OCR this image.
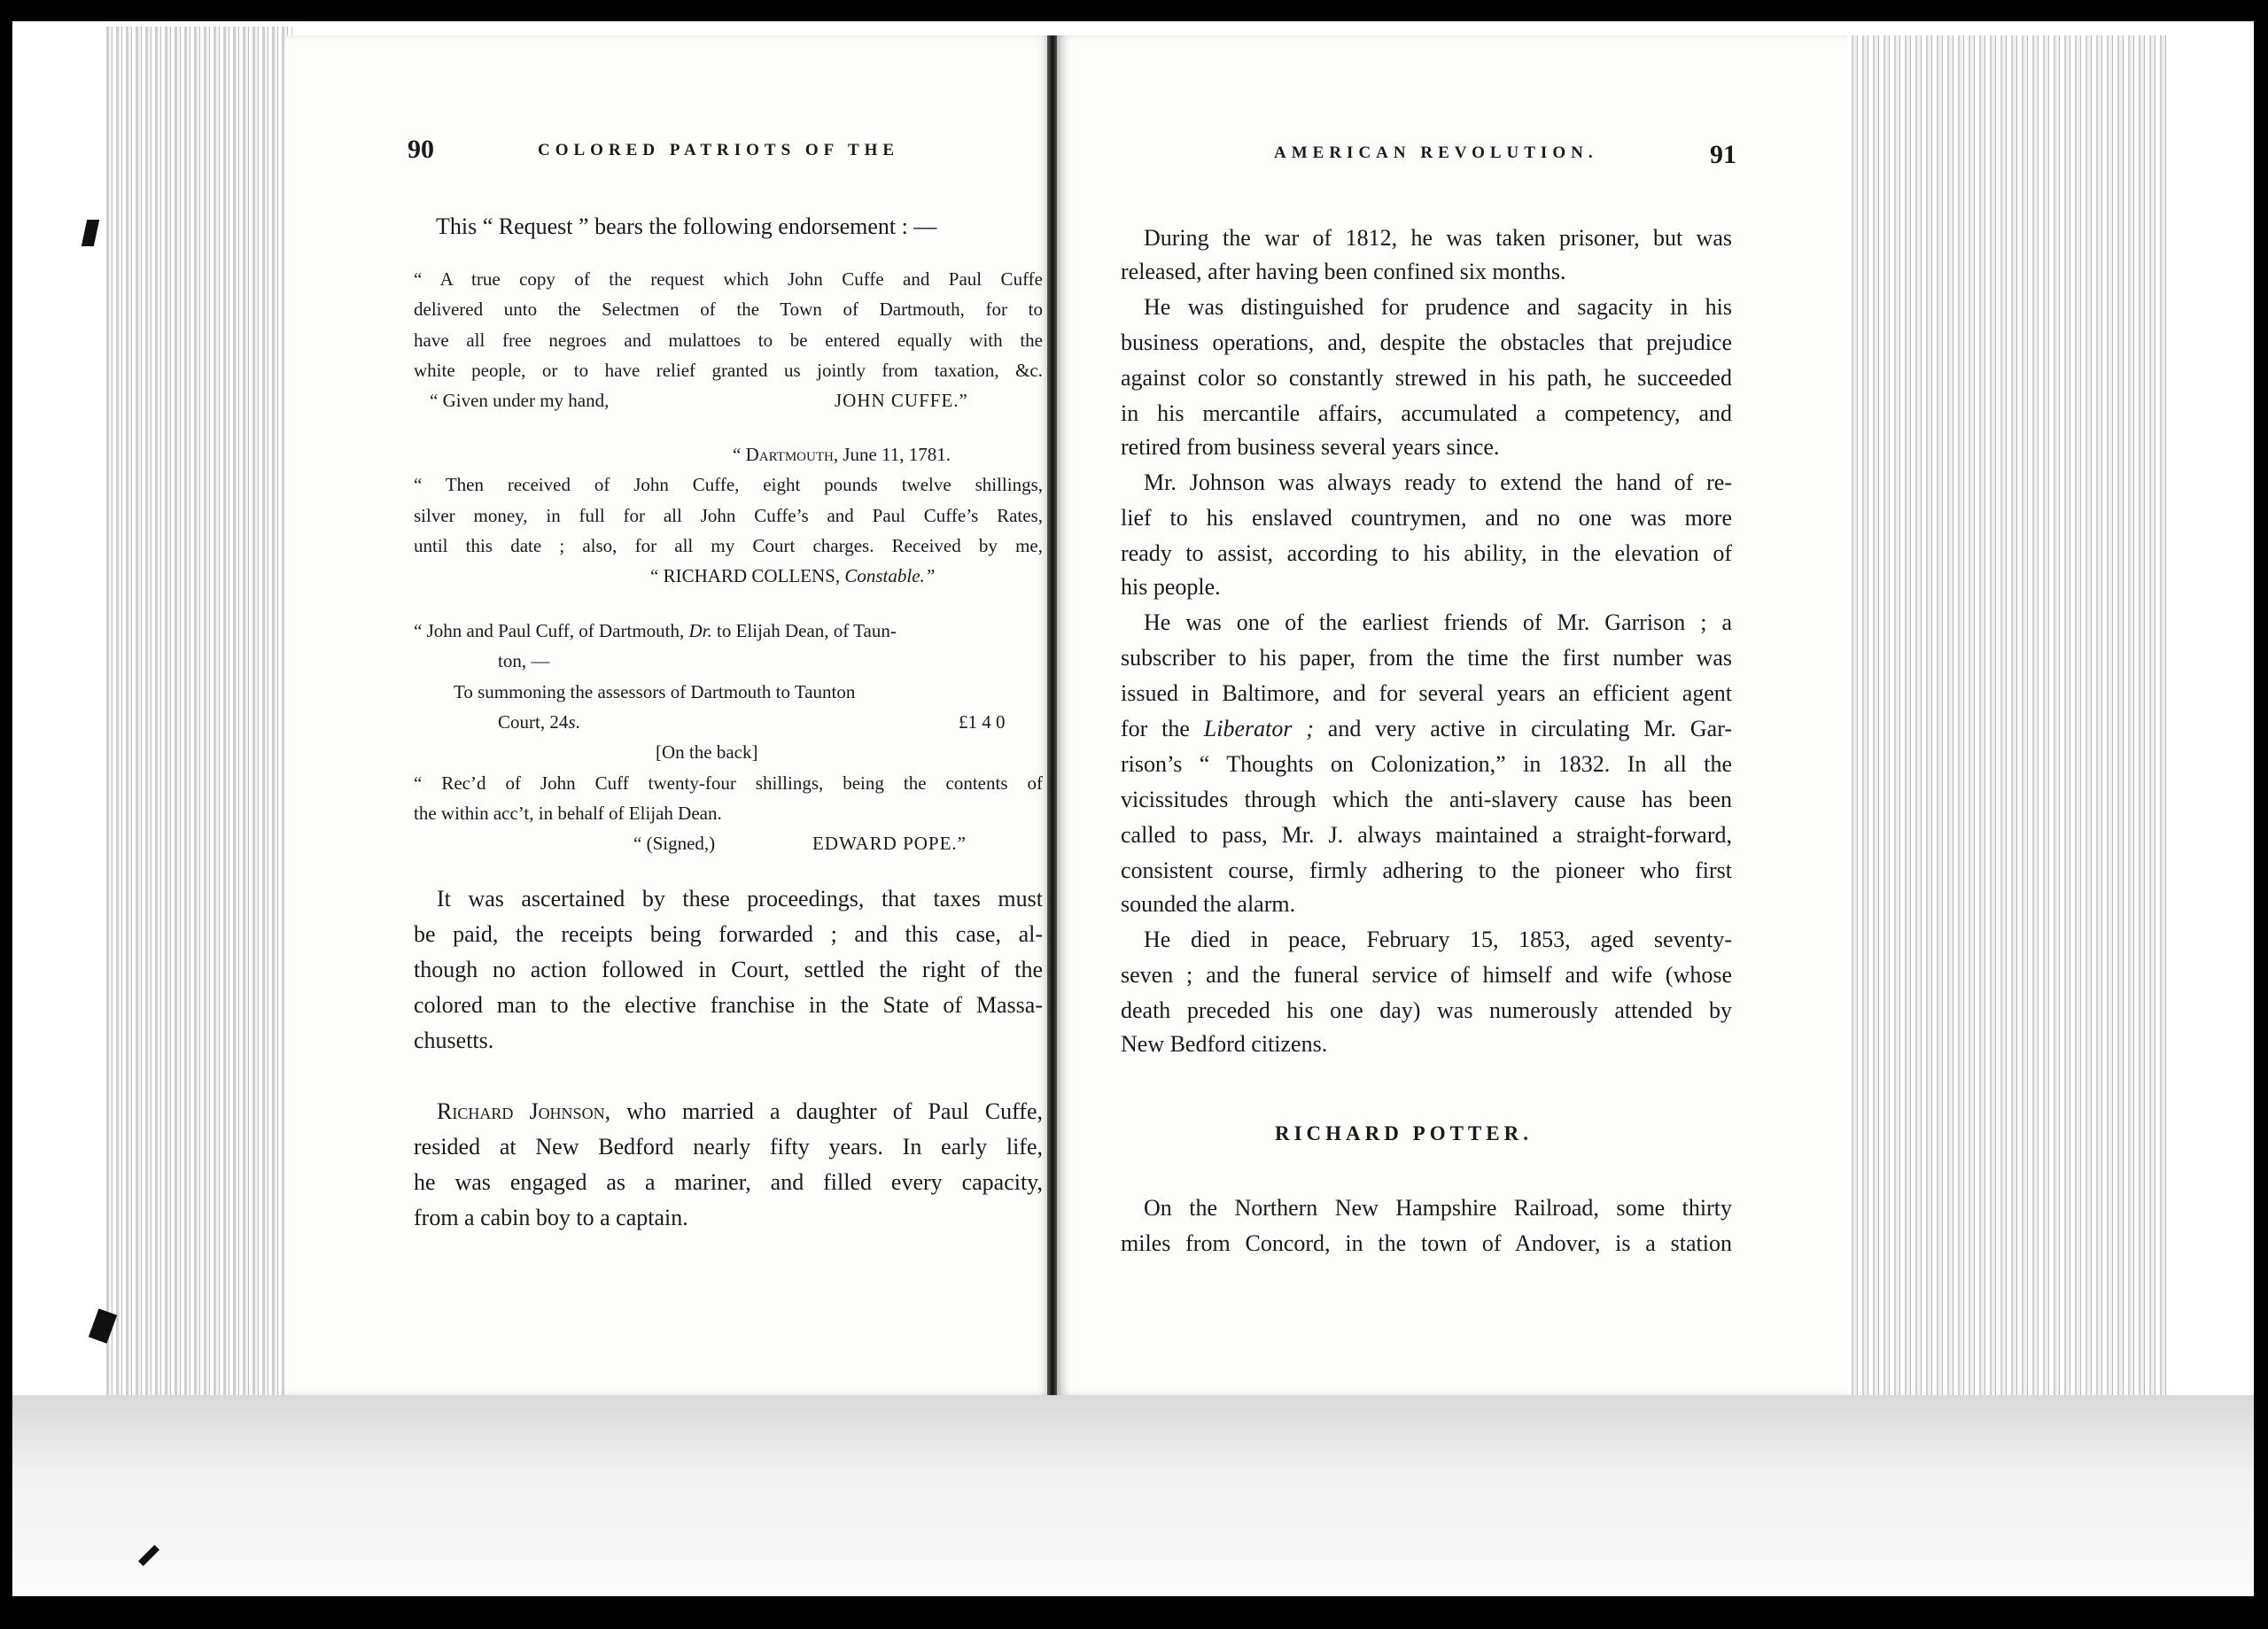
90	COLORED PATRIOTS OF THE
This “ Request ” bears the following endorsement : —
“ A true copy of the request which John Cuffe and Paul Cuffe
delivered unto the Selectmen of the Town of Dartmouth, for to
have all free negroes and mulattoes to be entered equally with the
white people, or to have relief granted us jointly from taxation, &c.
“ Given under my hand,	JOHN CUFFE.”
“ Dartmouth, June 11, 1781.
“ Then received of John Cuffe, eight pounds twelve shillings,
silver money, in full for all John Cuffe’s and Paul Cuffe’s Rates,
until this date ; also, for all my Court charges. Received by me,
“ RICHARD COLLENS, Constable.”
“ John and Paul Cuff, of Dartmouth, Dr. to Elijah Dean, of Taun-
ton, —
To summoning the assessors of Dartmouth to Taunton
Court, 24s.	£1 4 0
[On the back]
“ Rec’d of John Cuff twenty-four shillings, being the contents of
the within acc’t, in behalf of Elijah Dean.
“ (Signed,)	EDWARD POPE.”
It was ascertained by these proceedings, that taxes must
be paid, the receipts being forwarded ; and this case, al-
though no action followed in Court, settled the right of the
colored man to the elective franchise in the State of Massa-
chusetts.
Richard Johnson, who married a daughter of Paul Cuffe,
resided at New Bedford nearly fifty years. In early life,
he was engaged as a mariner, and filled every capacity,
from a cabin boy to a captain.
AMERICAN REVOLUTION.	91
During the war of 1812, he was taken prisoner, but was
released, after having been confined six months.
He was distinguished for prudence and sagacity in his
business operations, and, despite the obstacles that prejudice
against color so constantly strewed in his path, he succeeded
in his mercantile affairs, accumulated a competency, and
retired from business several years since.
Mr. Johnson was always ready to extend the hand of re-
lief to his enslaved countrymen, and no one was more
ready to assist, according to his ability, in the elevation of
his people.
He was one of the earliest friends of Mr. Garrison ; a
subscriber to his paper, from the time the first number was
issued in Baltimore, and for several years an efficient agent
for the Liberator ; and very active in circulating Mr. Gar-
rison’s “ Thoughts on Colonization,” in 1832. In all the
vicissitudes through which the anti-slavery cause has been
called to pass, Mr. J. always maintained a straight-forward,
consistent course, firmly adhering to the pioneer who first
sounded the alarm.
He died in peace, February 15, 1853, aged seventy-
seven ; and the funeral service of himself and wife (whose
death preceded his one day) was numerously attended by
New Bedford citizens.
RICHARD POTTER.
On the Northern New Hampshire Railroad, some thirty
miles from Concord, in the town of Andover, is a station
